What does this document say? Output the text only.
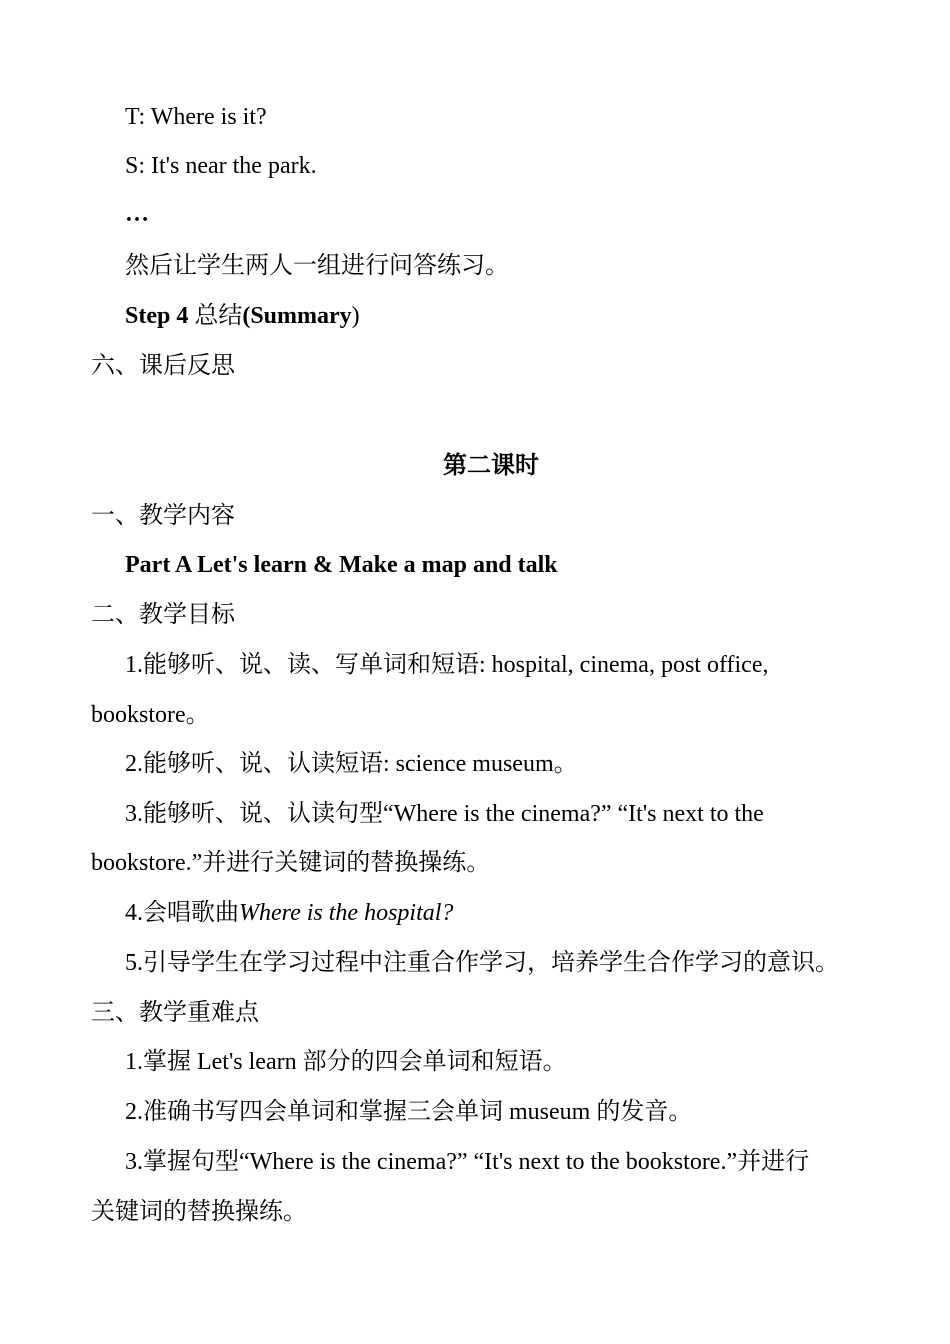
T: Where is it?
S: It's near the park.
…
然后让学生两人一组进行问答练习。
Step 4 总结(Summary)
六、课后反思
第二课时
一、教学内容
Part A Let's learn & Make a map and talk
二、教学目标
1.能够听、说、读、写单词和短语: hospital, cinema, post office,
bookstore。
2.能够听、说、认读短语: science museum。
3.能够听、说、认读句型“Where is the cinema?” “It's next to the
bookstore.”并进行关键词的替换操练。
4.会唱歌曲Where is the hospital?
5.引导学生在学习过程中注重合作学习，培养学生合作学习的意识。
三、教学重难点
1.掌握 Let's learn 部分的四会单词和短语。
2.准确书写四会单词和掌握三会单词 museum 的发音。
3.掌握句型“Where is the cinema?” “It's next to the bookstore.”并进行
关键词的替换操练。
